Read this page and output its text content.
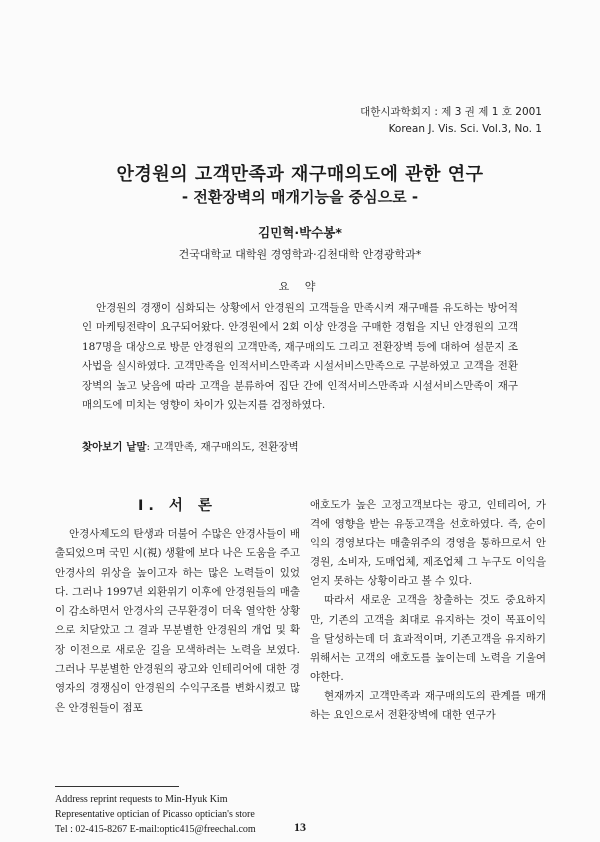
대한시과학회지 : 제 3 권 제 1 호 2001
Korean J. Vis. Sci. Vol.3, No. 1
안경원의 고객만족과 재구매의도에 관한 연구
- 전환장벽의 매개기능을 중심으로 -
김민혁·박수봉*
건국대학교 대학원 경영학과·김천대학 안경광학과*
요 약

안경원의 경쟁이 심화되는 상황에서 안경원의 고객들을 만족시켜 재구매를 유도하는 방어적인 마케팅전략이 요구되어왔다. 안경원에서 2회 이상 안경을 구매한 경험을 지닌 안경원의 고객 187명을 대상으로 방문 안경원의 고객만족, 재구매의도 그리고 전환장벽 등에 대하여 설문지 조사법을 실시하였다. 고객만족을 인적서비스만족과 시설서비스만족으로 구분하였고 고객을 전환장벽의 높고 낮음에 따라 고객을 분류하여 집단 간에 인적서비스만족과 시설서비스만족이 재구매의도에 미치는 영향이 차이가 있는지를 검정하였다.

찾아보기 낱말: 고객만족, 재구매의도, 전환장벽
I. 서 론

안경사제도의 탄생과 더불어 수많은 안경사들이 배출되었으며 국민 시(視) 생활에 보다 나은 도움을 주고 안경사의 위상을 높이고자 하는 많은 노력들이 있었다. 그러나 1997년 외환위기 이후에 안경원들의 매출이 감소하면서 안경사의 근무환경이 더욱 열악한 상황으로 치닫았고 그 결과 무분별한 안경원의 개업 및 확장 이전으로 새로운 길을 모색하려는 노력을 보였다. 그러나 무분별한 안경원의 광고와 인테리어에 대한 경영자의 경쟁심이 안경원의 수익구조를 변화시켰고 많은 안경원들이 점포

애호도가 높은 고정고객보다는 광고, 인테리어, 가격에 영향을 받는 유동고객을 선호하였다. 즉, 순이익의 경영보다는 매출위주의 경영을 통하므로서 안경원, 소비자, 도매업체, 제조업체 그 누구도 이익을 얻지 못하는 상황이라고 볼 수 있다.

따라서 새로운 고객을 창출하는 것도 중요하지만, 기존의 고객을 최대로 유지하는 것이 목표이익을 달성하는데 더 효과적이며, 기존고객을 유지하기 위해서는 고객의 애호도를 높이는데 노력을 기울여야한다.

현재까지 고객만족과 재구매의도의 관계를 매개하는 요인으로서 전환장벽에 대한 연구가

Address reprint requests to Min-Hyuk Kim
Representative optician of Picasso optician's store
Tel : 02-415-8267 E-mail:optic415@freechal.com	13
